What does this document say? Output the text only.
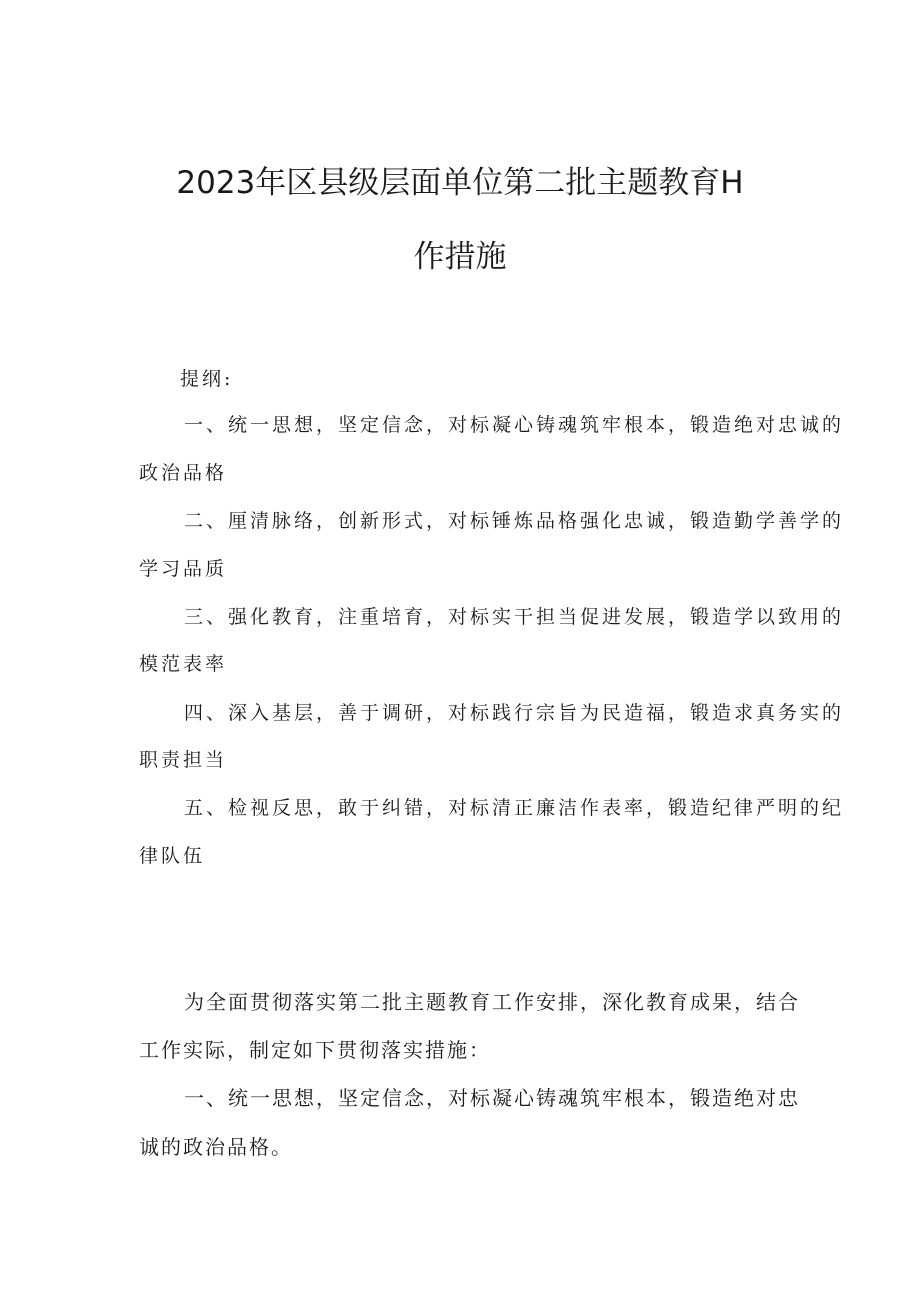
2023年区县级层面单位第二批主题教育H
作措施

提纲:

一、统一思想，坚定信念，对标凝心铸魂筑牢根本，锻造绝对忠诚的

政治品格

二、厘清脉络，创新形式，对标锤炼品格强化忠诚，锻造勤学善学的

学习品质

三、强化教育，注重培育，对标实干担当促进发展，锻造学以致用的

模范表率

四、深入基层，善于调研，对标践行宗旨为民造福，锻造求真务实的

职责担当

五、检视反思，敢于纠错，对标清正廉洁作表率，锻造纪律严明的纪

律队伍

为全面贯彻落实第二批主题教育工作安排，深化教育成果，结合

工作实际，制定如下贯彻落实措施：

一、统一思想，坚定信念，对标凝心铸魂筑牢根本，锻造绝对忠

诚的政治品格。
